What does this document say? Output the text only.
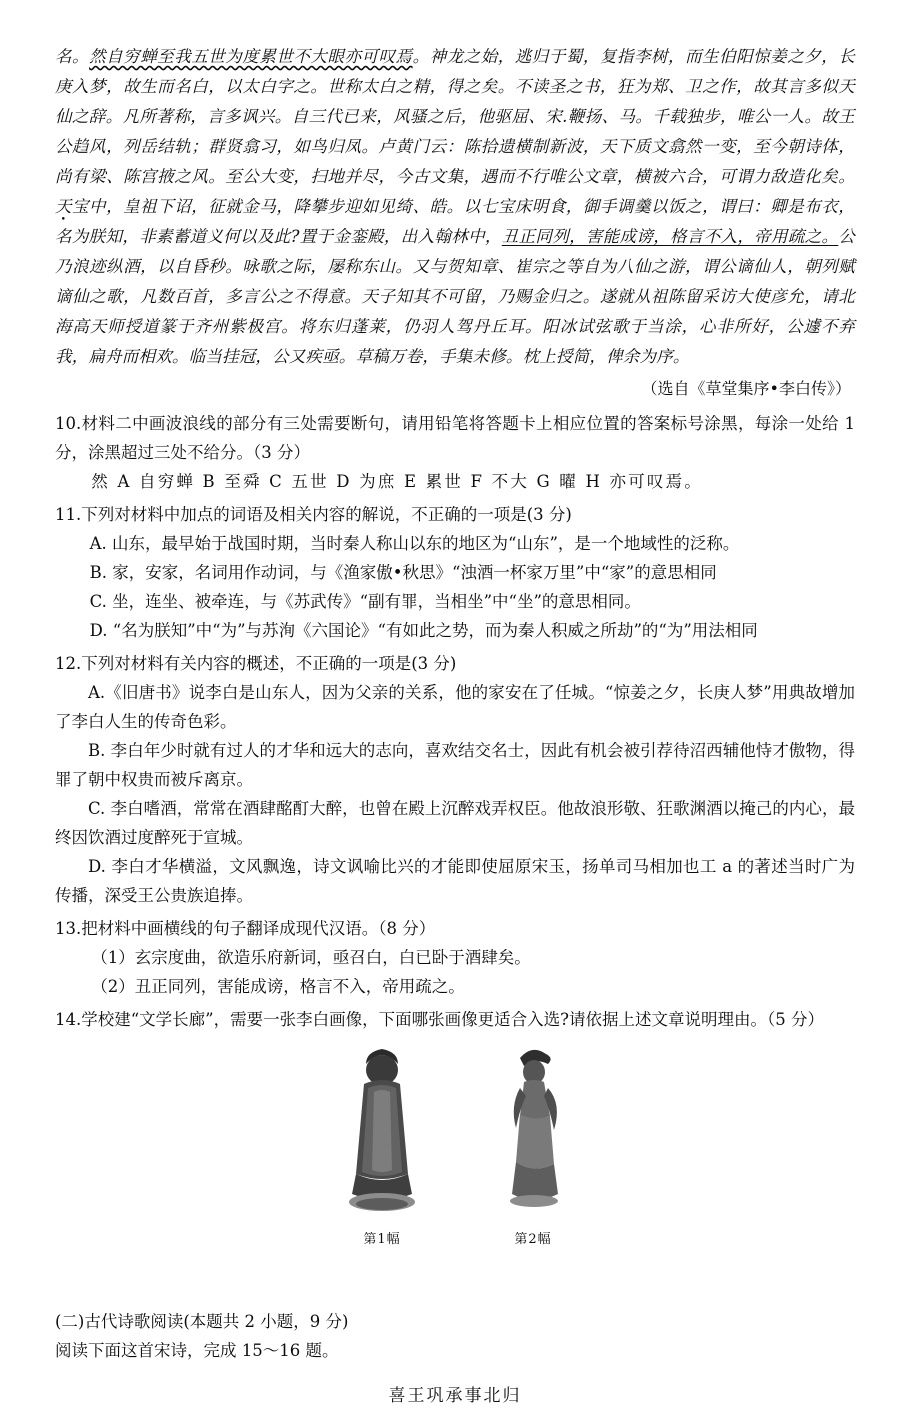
名。然自穷蝉至我五世为度累世不大眼亦可叹焉。神龙之始，逃归于蜀，复指李树，而生伯阳惊姜之夕，长庚入梦，故生而名白，以太白字之。世称太白之精，得之矣。不读圣之书，狂为郑、卫之作，故其言多似天仙之辞。凡所著称，言多讽兴。自三代已来，风骚之后，他驱屈、宋.鞭扬、马。千载独步，唯公一人。故王公趋风，列岳结轨；群贤翕习，如鸟归凤。卢黄门云：陈拾遗横制新波，天下质文翕然一变，至今朝诗体，尚有梁、陈宫掖之风。至公大变，扫地并尽，今古文集，遇而不行唯公文章，横被六合，可谓力敌造化矣。天宝中，皇祖下诏，征就金马，降攀步迎如见绮、皓。以七宝床明食，御手调羹以饭之，谓曰：卿是布衣，名为朕知，非素蓄道义何以及此?置于金銮殿，出入翰林中，丑正同列，害能成谤，格言不入，帝用疏之。公乃浪迹纵酒，以自昏秒。咏歌之际，屡称东山。又与贺知章、崔宗之等自为八仙之游，谓公谪仙人，朝列赋谪仙之歌，凡数百首，多言公之不得意。天子知其不可留，乃赐金归之。遂就从祖陈留采访大使彦允，请北海高天师授道篆于齐州紫极宫。将东归蓬莱，仍羽人驾丹丘耳。阳冰试弦歌于当涂，心非所好，公遽不弃我，扁舟而相欢。临当挂冠，公又疾亟。草稿万卷，手集未修。枕上授简，俾余为序。

（选自《草堂集序•李白传》）

10.材料二中画波浪线的部分有三处需要断句，请用铅笔将答题卡上相应位置的答案标号涂黑，每涂一处给 1 分，涂黑超过三处不给分。（3 分）

然 A 自穷蝉 B 至舜 C 五世 D 为庶 E 累世 F 不大 G 曜 H 亦可叹焉。

11.下列对材料中加点的词语及相关内容的解说，不正确的一项是(3 分)

A. 山东，最早始于战国时期，当时秦人称山以东的地区为“山东”，是一个地域性的泛称。

B. 家，安家，名词用作动词，与《渔家傲•秋思》“浊酒一杯家万里”中“家”的意思相同

C. 坐，连坐、被牵连，与《苏武传》“副有罪，当相坐”中“坐”的意思相同。

D. “名为朕知”中“为”与苏洵《六国论》“有如此之势，而为秦人积威之所劫”的“为”用法相同

12.下列对材料有关内容的概述，不正确的一项是(3 分)

A.《旧唐书》说李白是山东人，因为父亲的关系，他的家安在了任城。“惊姜之夕，长庚人梦”用典故增加了李白人生的传奇色彩。

B. 李白年少时就有过人的才华和远大的志向，喜欢结交名士，因此有机会被引荐待沼西辅他恃才傲物，得罪了朝中权贵而被斥离京。

C. 李白嗜酒，常常在酒肆酩酊大醉，也曾在殿上沉醉戏弄权臣。他故浪形敬、狂歌渊酒以掩己的内心，最终因饮酒过度醉死于宣城。

D. 李白才华横溢，文风飘逸，诗文讽喻比兴的才能即使屈原宋玉，扬单司马相加也工 a 的著述当时广为传播，深受王公贵族追捧。

13.把材料中画横线的句子翻译成现代汉语。（8 分）

（1）玄宗度曲，欲造乐府新词，亟召白，白已卧于酒肆矣。

（2）丑正同列，害能成谤，格言不入，帝用疏之。

14.学校建“文学长廊”，需要一张李白画像，下面哪张画像更适合入选?请依据上述文章说明理由。（5 分）

第1幅	第2幅

(二)古代诗歌阅读(本题共 2 小题，9 分)

阅读下面这首宋诗，完成 15～16 题。

喜王巩承事北归
